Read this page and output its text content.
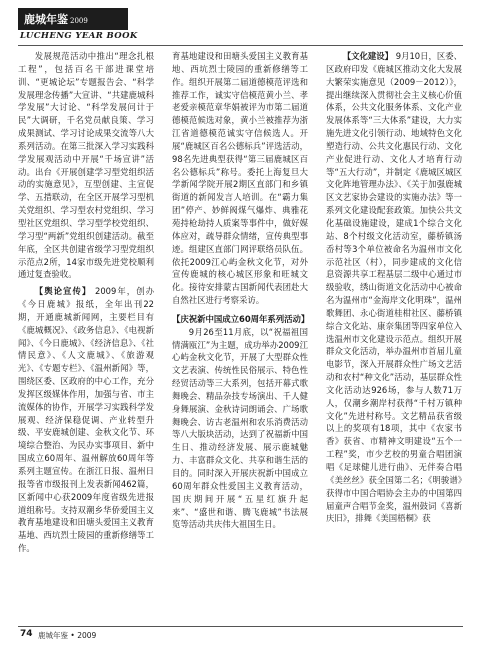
鹿城年鉴 2009
LUCHENG YEAR BOOK

发展规范活动中推出“理念扎根工程”，包括百名干部进课堂培训、“更城论坛”专题报告会、“科学发展理念传播”大宣讲、“共建鹿城科学发展”大讨论、“科学发展问计于民”大调研，千名党员献良策、学习成果测试、学习讨论成果交流等八大系列活动。在第三批深入学习实践科学发展观活动中开展“千场宣讲”活动。出台《开展创建学习型党组织活动的实施意见》，互型创建、主宣促学、五措联动，在全区开展学习型机关党组织、学习型农村党组织、学习型社区党组织、学习型学校党组织、学习型“两新”党组织创建活动。截至年底，全区共创建省级学习型党组织示范点2所，14家市级先进党校顺利通过复查验收。

【舆论宣传】 2009年，创办《今日鹿城》报纸，全年出刊22期，开通鹿城新闻网，主要栏目有《鹿城概况》、《政务信息》、《电视新闻》、《今日鹿城》、《经济信息》、《社情民意》、《人文鹿城》、《旅游观光》、《专题专栏》、《温州新闻》等，围绕区委、区政府的中心工作，充分发挥区级媒体作用，加强与省、市主流媒体的协作，开展学习实践科学发展观、经济保稳促调、产业转型升级、平安鹿城创建、金秋文化节、环境综合整治、为民办实事项目、新中国成立60周年、温州解放60周年等系列主题宣传。在浙江日报、温州日报等省市级报刊上发表新闻462篇，区新闻中心获2009年度省级先进报道组称号。支持双潮乡华侨爱国主义教育基地建设和田塘头爱国主义教育基地、西坑烈士陵园的重新修缮等工作。

育基地建设和田塘头爱国主义教育基地、西坑烈士陵园的重新修缮等工作。组织开展第二届道德模范评选和推荐工作，诚实守信模范黄小兰、孝老爱亲模范章华娟被评为市第二届道德模范候选对象，黄小兰被推荐为浙江省道德模范诚实守信候选人。开展“鹿城区百名公德标兵”评选活动，98名先进典型获得“第三届鹿城区百名公德标兵”称号。委托上海复旦大学新闻学院开展2期区直部门和乡镇街道的新闻发言人培训。在“霸力集团”停产、妙鲜阀煤气爆炸、典雅花苑持枪劫持人质案等事件中，做好媒体应对，疏导群众情绪，宣传典型事迹。组建区直部门网评联络员队伍。依托2009江心屿金秋文化节，对外宣传鹿城的核心城区形象和旺城文化。接待安排蒙古国新闻代表团赴大自然社区进行考察采访。

【庆祝新中国成立60周年系列活动】

9月26至11月底，以“祝福祖国 情满瓯江”为主题，成功举办2009江心屿金秋文化节，开展了大型群众性文艺表演、传统性民俗展示、特色性经贸活动等三大系列，包括开幕式歌舞晚会、精品杂技专场演出、千人健身舞展演、金秋诗词朗诵会、广场歌舞晚会、访古老温州和农乐消费活动等八大版块活动，达到了祝福新中国生日、推动经济发展、展示鹿城魅力、丰富群众文化、共享和谐生活的目的。同时深入开展庆祝新中国成立60周年群众性爱国主义教育活动，国庆期间开展“五星红旗升起来”、“盛世和谐、腾飞鹿城”书法展览等活动共庆伟大祖国生日。

【文化建设】 9月10日，区委、区政府印发《鹿城区推动文化大发展大繁荣实施意见（2009－2012）》，提出继续深入贯彻社会主义核心价值体系，公共文化服务体系、文化产业发展体系等“三大体系”建设，大力实施先进文化引领行动、地域特色文化塑造行动、公共文化惠民行动、文化产业促进行动、文化人才培育行动等“五大行动”，并制定《鹿城区城区文化阵地管理办法》、《关于加强鹿城区文艺家协会建设的实施办法》等一系列文化建设配套政策。加快公共文化基础设施建设，建成1个综合文化站、8个村级文化活动室，藤桥镇汤岙村等3个单位被命名为温州市文化示范社区（村），同步建成的文化信息资源共享工程基层二级中心通过市级验收，绣山街道文化活动中心被命名为温州市“金海岸文化明珠”，温州歌舞团、永心街道桂柑社区、藤桥镇综合文化站、康奈集团等四家单位入选温州市文化建设示范点。组织开展群众文化活动，举办温州市首届儿童电影节，深入开展群众性广场文艺活动和农村“种文化”活动，基层群众性文化活动达926场，参与人数71万人，仅潮乡潮岸村获得“千村万镇种文化”先进村称号。文艺精品获省级以上的奖项有18项，其中《农家书香》获省、市精神文明建设“五个一工程”奖，市少艺校的男童合唱团演唱《足球健儿进行曲》、无伴奏合唱《美丝丝》获全国第二名；《明骏谱》获得市中国合唱协会主办的中国第四届童声合唱节金奖，温州鼓词《喜新庆旧》，排舞《美国梧桐》获

74 鹿城年鉴 • 2009
